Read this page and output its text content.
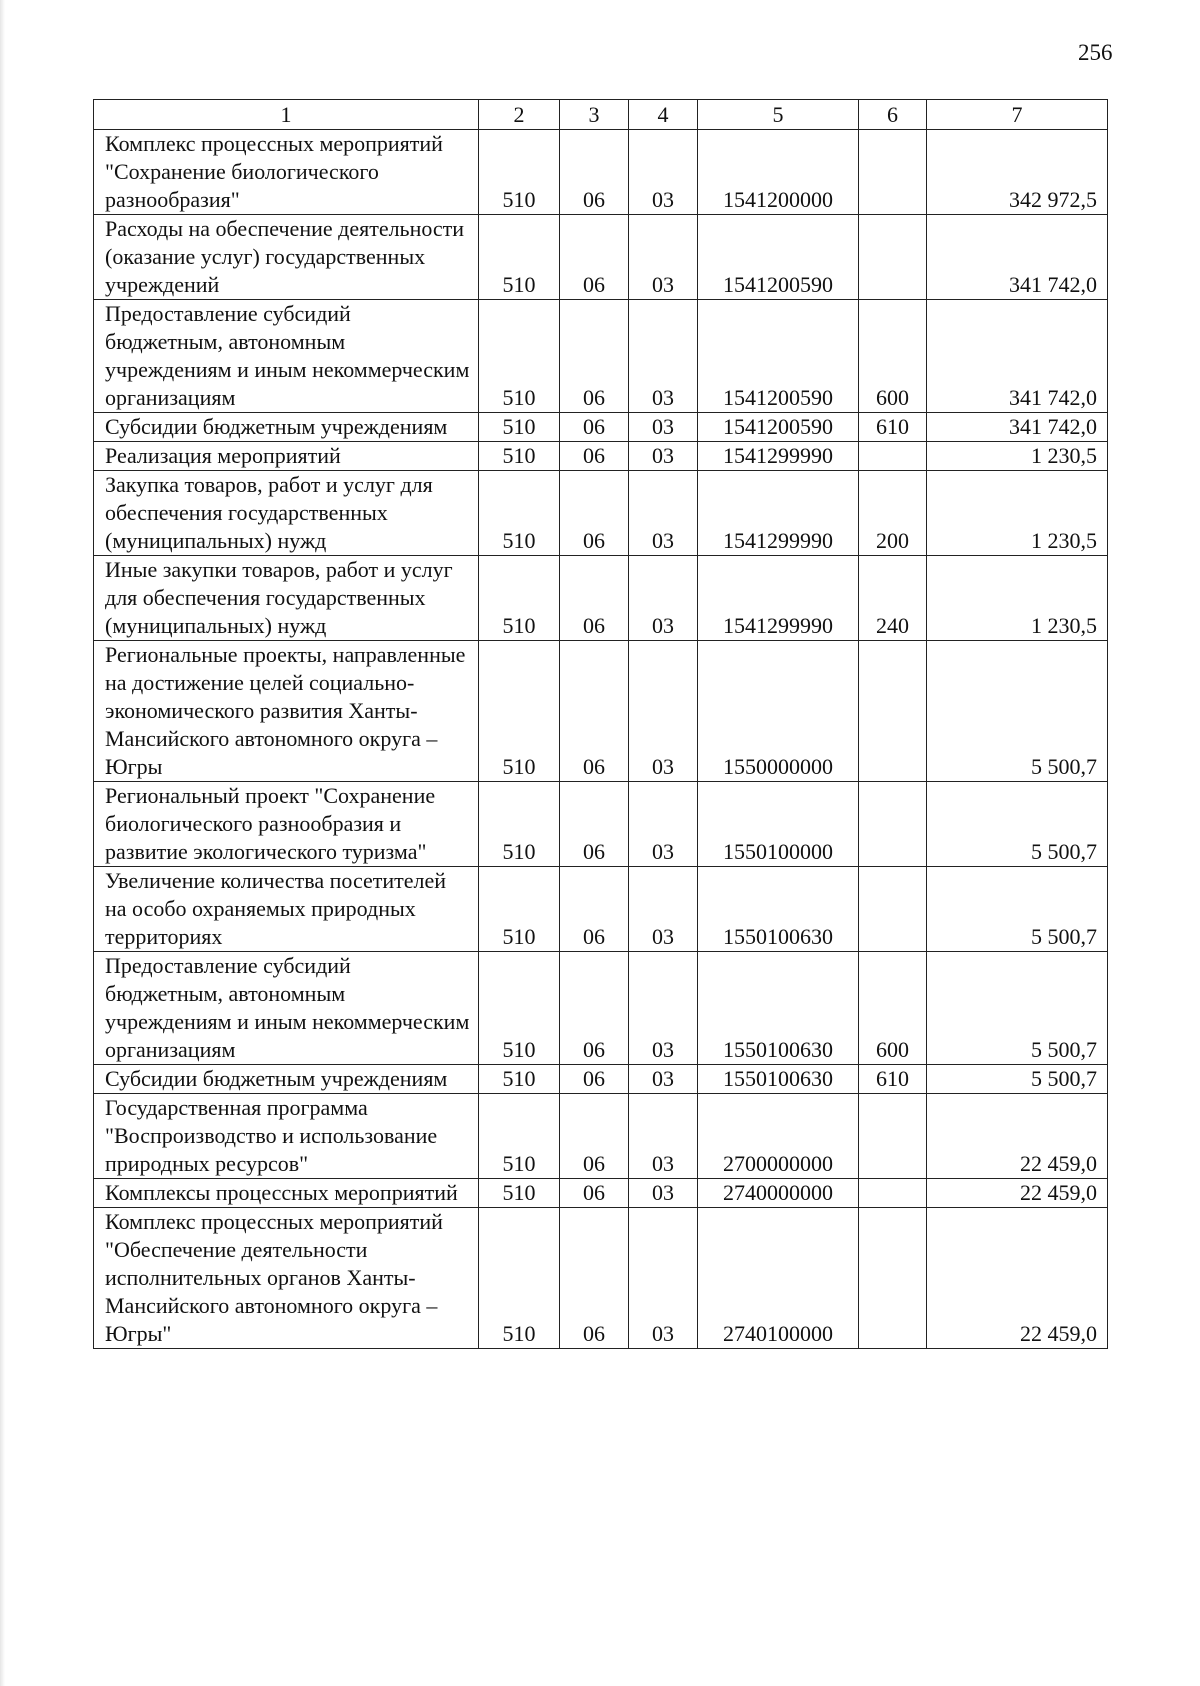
256
1	2	3	4	5	6	7
Комплекс процессных мероприятий "Сохранение биологического разнообразия"	510	06	03	1541200000		342 972,5
Расходы на обеспечение деятельности (оказание услуг) государственных учреждений	510	06	03	1541200590		341 742,0
Предоставление субсидий бюджетным, автономным учреждениям и иным некоммерческим организациям	510	06	03	1541200590	600	341 742,0
Субсидии бюджетным учреждениям	510	06	03	1541200590	610	341 742,0
Реализация мероприятий	510	06	03	1541299990		1 230,5
Закупка товаров, работ и услуг для обеспечения государственных (муниципальных) нужд	510	06	03	1541299990	200	1 230,5
Иные закупки товаров, работ и услуг для обеспечения государственных (муниципальных) нужд	510	06	03	1541299990	240	1 230,5
Региональные проекты, направленные на достижение целей социально-экономического развития Ханты-Мансийского автономного округа – Югры	510	06	03	1550000000		5 500,7
Региональный проект "Сохранение биологического разнообразия и развитие экологического туризма"	510	06	03	1550100000		5 500,7
Увеличение количества посетителей на особо охраняемых природных территориях	510	06	03	1550100630		5 500,7
Предоставление субсидий бюджетным, автономным учреждениям и иным некоммерческим организациям	510	06	03	1550100630	600	5 500,7
Субсидии бюджетным учреждениям	510	06	03	1550100630	610	5 500,7
Государственная программа "Воспроизводство и использование природных ресурсов"	510	06	03	2700000000		22 459,0
Комплексы процессных мероприятий	510	06	03	2740000000		22 459,0
Комплекс процессных мероприятий "Обеспечение деятельности исполнительных органов Ханты-Мансийского автономного округа – Югры"	510	06	03	2740100000		22 459,0
